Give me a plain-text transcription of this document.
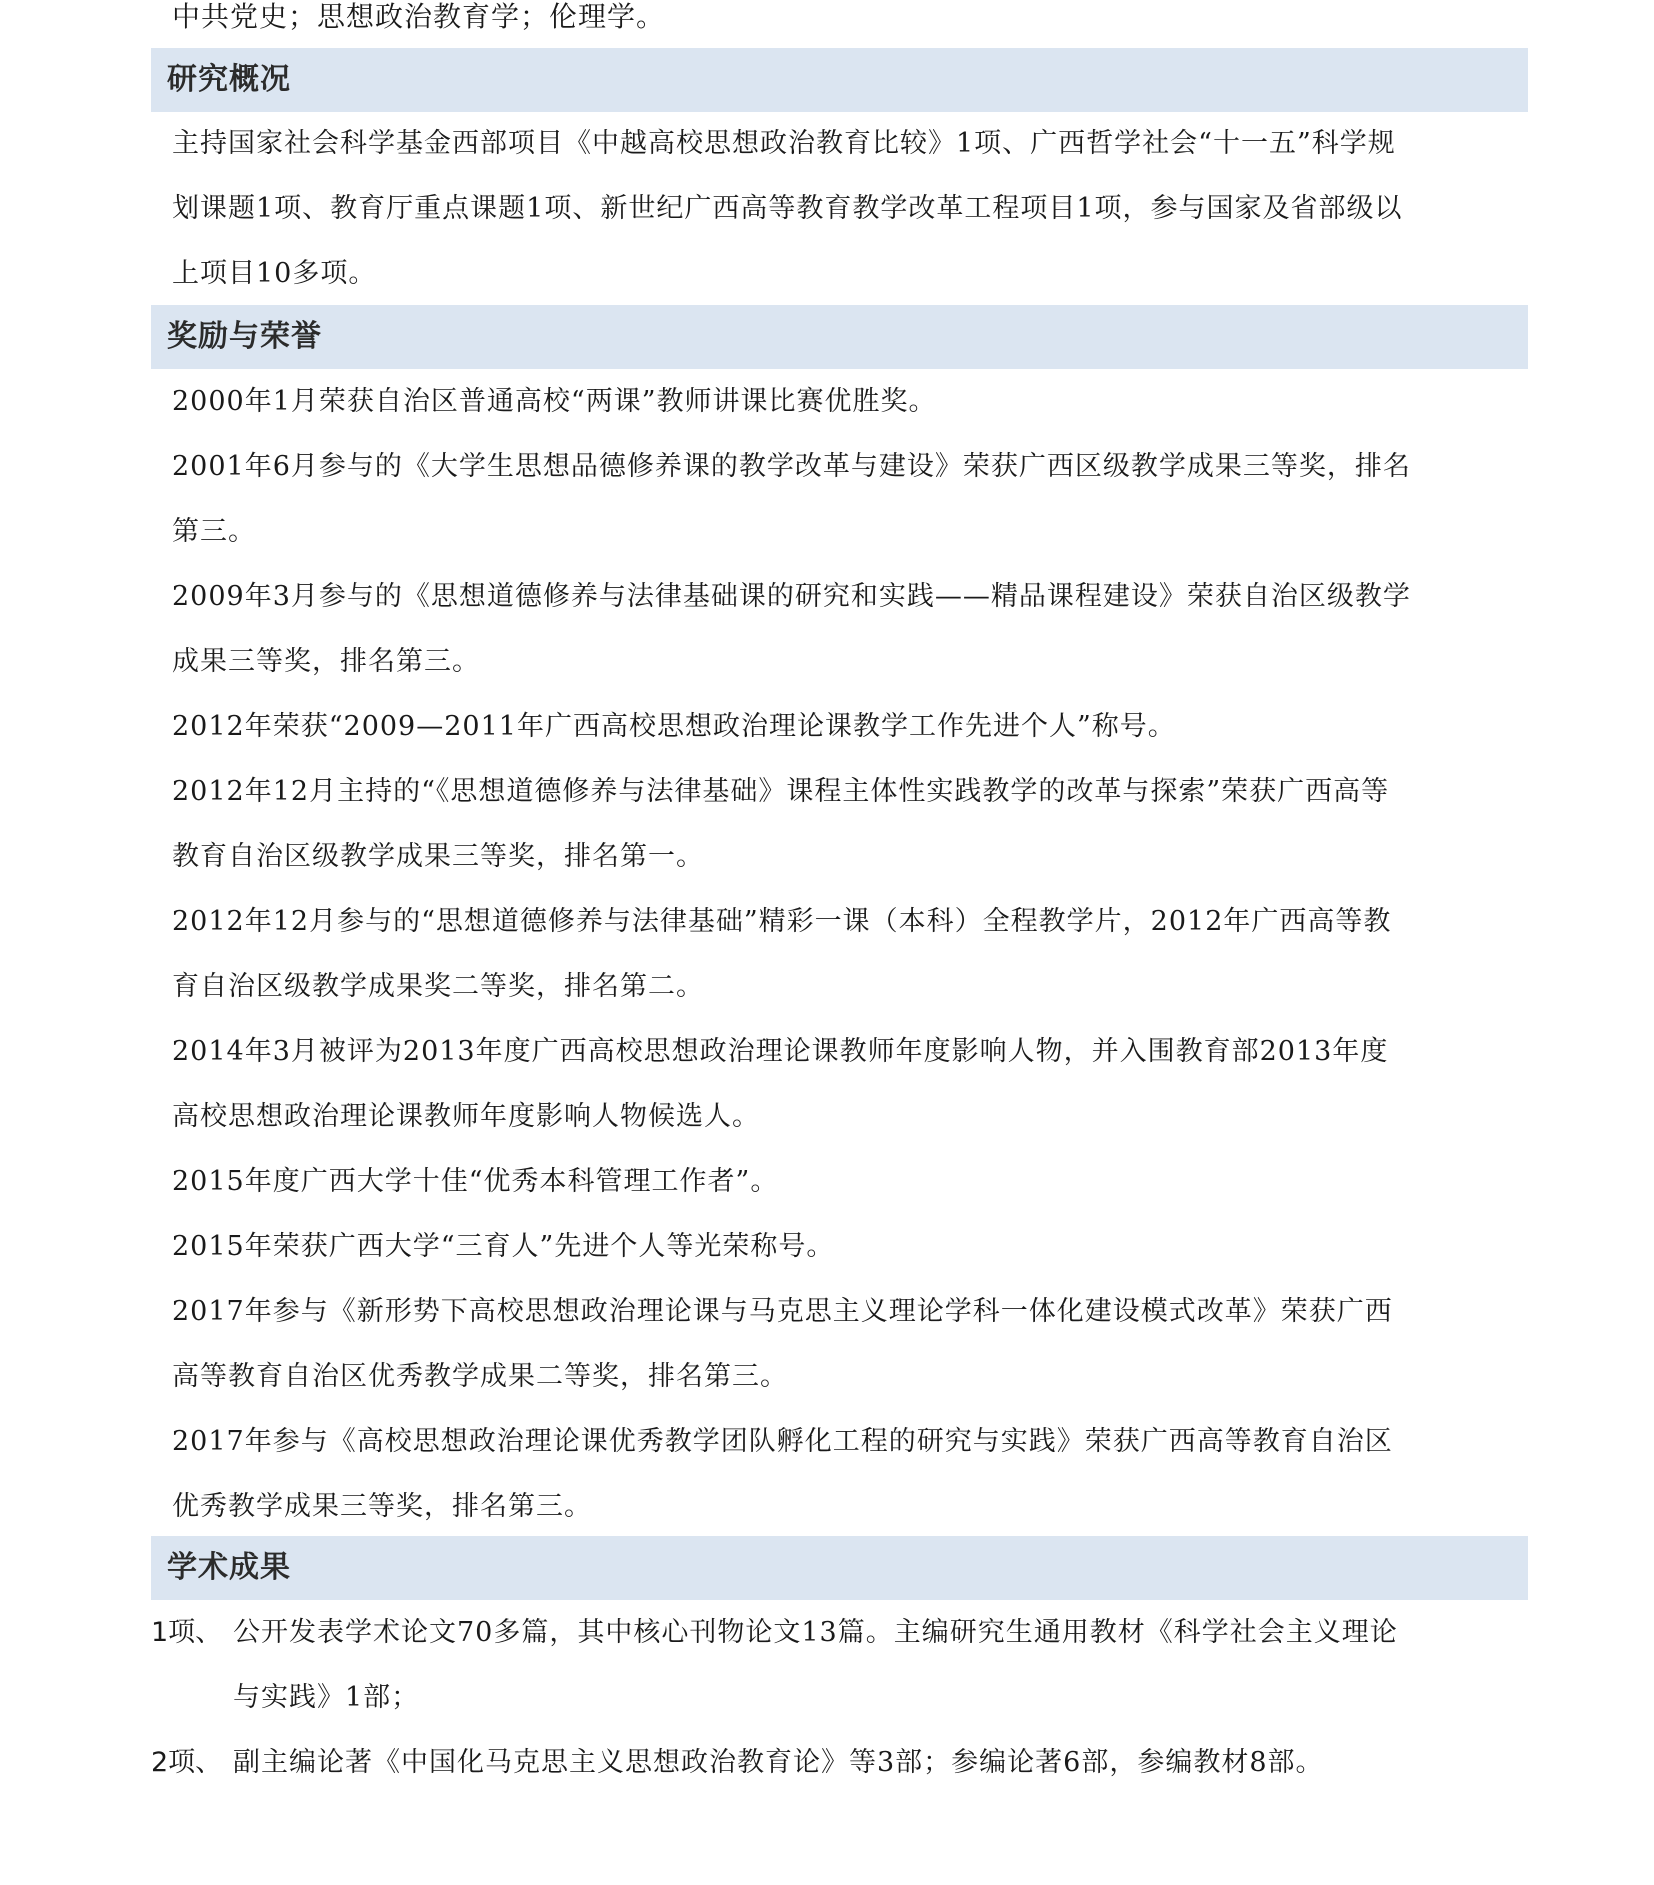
中共党史；思想政治教育学；伦理学。
研究概况

主持国家社会科学基金西部项目《中越高校思想政治教育比较》1项、广西哲学社会“十一五”科学规划课题1项、教育厅重点课题1项、新世纪广西高等教育教学改革工程项目1项，参与国家及省部级以上项目10多项。

奖励与荣誉

2000年1月荣获自治区普通高校“两课”教师讲课比赛优胜奖。

2001年6月参与的《大学生思想品德修养课的教学改革与建设》荣获广西区级教学成果三等奖，排名第三。

2009年3月参与的《思想道德修养与法律基础课的研究和实践——精品课程建设》荣获自治区级教学成果三等奖，排名第三。

2012年荣获“2009—2011年广西高校思想政治理论课教学工作先进个人”称号。

2012年12月主持的“《思想道德修养与法律基础》课程主体性实践教学的改革与探索”荣获广西高等教育自治区级教学成果三等奖，排名第一。

2012年12月参与的“思想道德修养与法律基础”精彩一课（本科）全程教学片，2012年广西高等教育自治区级教学成果奖二等奖，排名第二。

2014年3月被评为2013年度广西高校思想政治理论课教师年度影响人物，并入围教育部2013年度高校思想政治理论课教师年度影响人物候选人。

2015年度广西大学十佳“优秀本科管理工作者”。

2015年荣获广西大学“三育人”先进个人等光荣称号。

2017年参与《新形势下高校思想政治理论课与马克思主义理论学科一体化建设模式改革》荣获广西高等教育自治区优秀教学成果二等奖，排名第三。

2017年参与《高校思想政治理论课优秀教学团队孵化工程的研究与实践》荣获广西高等教育自治区优秀教学成果三等奖，排名第三。

学术成果
1项、 公开发表学术论文70多篇，其中核心刊物论文13篇。主编研究生通用教材《科学社会主义理论与实践》1部；
2项、 副主编论著《中国化马克思主义思想政治教育论》等3部；参编论著6部，参编教材8部。
